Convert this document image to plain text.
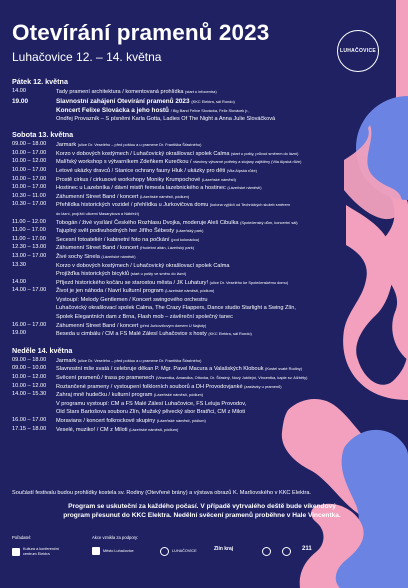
Otevírání pramenů 2023
Luhačovice 12. – 14. května	LUHAČOVICE
Pátek 12. května
14.00	Tady pramení architektura / komentovaná prohlídka (start u infocentra)
19.00	Slavnostní zahájení Otevírání pramenů 2023 (KKC Elektra, sál Rondo)
Koncert Felixe Slovácka a jeho hostů / Big Band Felixe Slovácka, Felix Slovácek jr.,
Ondřej Provazník – S písněmi Karla Gotta, Ladies Of The Night a Anna Julie Slováčková
Sobota 13. května
09.00 – 18.00	Jarmark (ulice Dr. Veselého – před poštou a u pramene Dr. Františka Šťastného)
10.00 – 17.00	Korzo v dobových kostýmech / Luhačovický okrašlovací spolek Calma (start u pošty, průvod směrem do lázní)
10.00 – 12.00	Malířský workshop s výtvarníkem Zdeňkem Kurečkou / všechny výtvarné potřeby a stojany zajištěny (Vila Alpská růže)
10.00 – 17.00	Letové ukázky dravců / Stanice ochrany fauny Hluk / ukázky pro děti (Vila Alpská růže)
10.00 – 17.00	Prostě cirkus / cirkusové workshopy Moniky Krumpochové (Lázeňské náměstí)
10.00 – 17.00	Hostinec u Lazebníka / dávní mistři řemesla lazebnického a hostinec (Lázeňské náměstí)
10.30 – 11.00	Záhumenní Street Band / koncert (Lázeňské náměstí, pódium)
10.30 – 17.00	Přehlídka historických vozidel / přehlídka u Jurkovičova domu (kolona vyjíždí od Technických služeb směrem
do lázní, projíždí ulicemi Masarykova a Nábřeží)
11.00 – 12.00	Tobogán / živé vysílání Českého Rozhlasu Dvojka, moderuje Aleš Cibulka (Společenský dům, koncertní sál)
11.00 – 17.00	Tajuplný svět podivuhodných her Jiřího Šébesty (Lázeňský park)
11.00 – 17.00	Secesní fotoateliér / kabinetní foto na počkání (pod kolonádou)
12.30 – 13.00	Záhumenní Street Band / koncert (Hudební altán, Lázeňský park)
13.00 – 17.00	Živé sochy Sinela (Lázeňské náměstí)
13.30	Korzo v dobových kostýmech / Luhačovický okrašlovací spolek Calma
Projížďka historických bicyklů (start u pošty ve směru do lázní)
14.00	Příjezd historického kočáru se starostou města / JK Luhatury! (ulice Dr. Veselého ke Společenskému domu)
14.00 – 17.00	Život je jen náhoda / Navrí kulturní program (Lázeňské náměstí, pódium)
Vystoupí: Melody Gentlemen / Koncert swingového orchestru
Luhačovický okrašlovací spolek Calma, The Crazy Flappers, Dance studio Starlight a Swing Zlín,
Spolek Elegantních dam z Brna, Flash mob – závěreční společný tanec
16.00 – 17.00	Záhumenní Street Band / koncert (před Jurkovičovým domem U Najády)
19.00	Beseda u cimbálu / CM a FS Malé Zálesí Luhačovice s hosty (KKC Elektra, sál Rondo)
Neděle 14. května
09.00 – 18.00	Jarmark (ulice Dr. Veselého – před poštou a u pramene Dr. Františka Šťastného)
09.00 – 10.00	Slavnostní mše svatá / celebruje děkan P. Mgr. Pavel Macura a Valašských Klobouk (Kostel svaté Rodiny)
10.00 – 12.00	Svěcení pramenů / trasa po pramenech (Vincentka, Amandka, Ottovka, Dr. Šťastný, Nový Jubilejní, Vincentka, kaple sv. Alžběty)
10.00 – 12.00	Roztančené prameny / vystoupení folklorních souborů a DH Provodovjanké (zastávky u pramenů)
14.00 – 15.30	Zahraj mně hudečku / kulturní program (Lázeňské náměstí, pódium)
V programu vystoupí: CM a FS Malé Zálesí Luhačovice, FS Leluja Provodov,
Old Stars Bartošova souboru Zlín, Mužský pěvecký sbor Bratřici, CM z Miloti
16.00 – 17.00	Moravians / koncert folkrockové skupiny (Lázeňské náměstí, pódium)
17.15 – 18.00	Veselé, muziko! / CM z Miloti (Lázeňské náměstí, pódium)
Součástí festivalu budou prohlídky kostela sv. Rodiny (Otevřené brány) a výstava obrazů K. Maršovského v KKC Elektra.
Program se uskuteční za každého počasí. V případě vytrvalého deště bude víkendový
program přesunut do KKC Elektra. Nedělní svěcení pramenů proběhne v Hale Vincentka.
Pořadatel:	Akce vznikla za podpory:
Kultura a konferenční centrum Elektra
Město Luhačovice	LUHAČOVICE	Zlín kraj	211
